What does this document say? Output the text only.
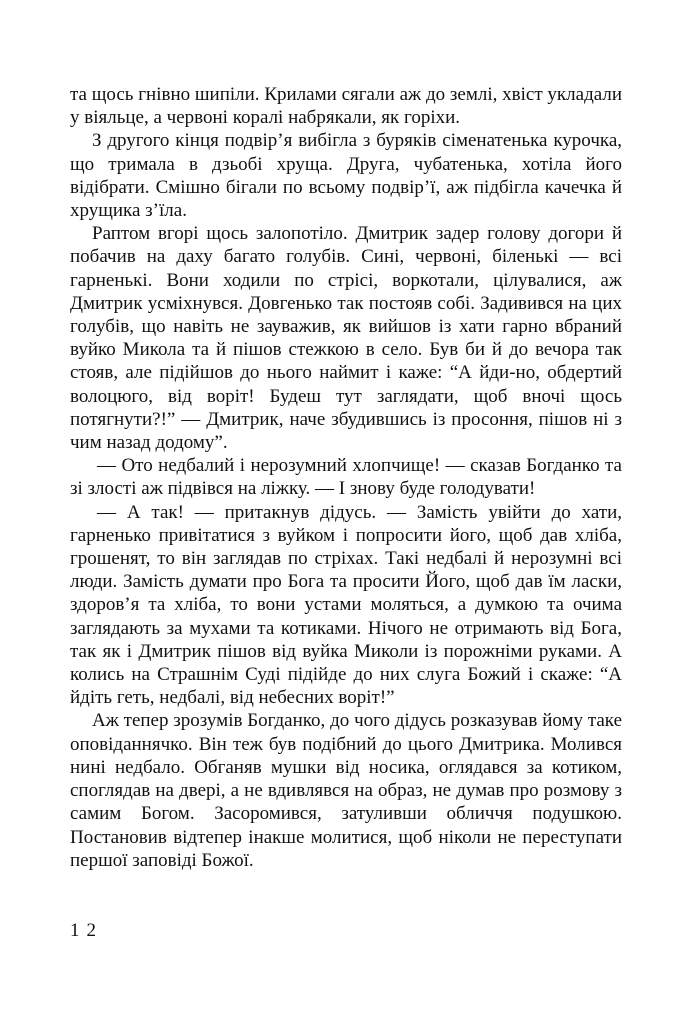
та щось гнівно шипіли. Крилами сягали аж до землі, хвіст укладали у віяльце, а червоні коралі набрякали, як горіхи.

З другого кінця подвір’я вибігла з буряків сіменатенька курочка, що тримала в дзьобі хруща. Друга, чубатенька, хотіла його відібрати. Смішно бігали по всьому подвір’ї, аж підбігла качечка й хрущика з’їла.

Раптом вгорі щось залопотіло. Дмитрик задер голову догори й побачив на даху багато голубів. Сині, червоні, біленькі — всі гарненькі. Вони ходили по стрісі, воркотали, цілувалися, аж Дмитрик усміхнувся. Довгенько так постояв собі. Задивився на цих голубів, що навіть не зауважив, як вийшов із хати гарно вбраний вуйко Микола та й пішов стежкою в село. Був би й до вечора так стояв, але підійшов до нього наймит і каже: “А йди-но, обдертий волоцюго, від воріт! Будеш тут заглядати, щоб вночі щось потягнути?!” — Дмитрик, наче збудившись із просоння, пішов ні з чим назад додому”.

— Ото недбалий і нерозумний хлопчище! — сказав Богданко та зі злості аж підвівся на ліжку. — І знову буде голодувати!

— А так! — притакнув дідусь. — Замість увійти до хати, гарненько привітатися з вуйком і попросити його, щоб дав хліба, грошенят, то він заглядав по стріхах. Такі недбалі й нерозумні всі люди. Замість думати про Бога та просити Його, щоб дав їм ласки, здоров’я та хліба, то вони устами моляться, а думкою та очима заглядають за мухами та котиками. Нічого не отримають від Бога, так як і Дмитрик пішов від вуйка Миколи із порожніми руками. А колись на Страшнім Суді підійде до них слуга Божий і скаже: “А йдіть геть, недбалі, від небесних воріт!”

Аж тепер зрозумів Богданко, до чого дідусь розказував йому таке оповіданнячко. Він теж був подібний до цього Дмитрика. Молився нині недбало. Обганяв мушки від носика, оглядався за котиком, споглядав на двері, а не вдивлявся на образ, не думав про розмову з самим Богом. Засоромився, затуливши обличчя подушкою. Постановив відтепер інакше молитися, щоб ніколи не переступати першої заповіді Божої.

12
